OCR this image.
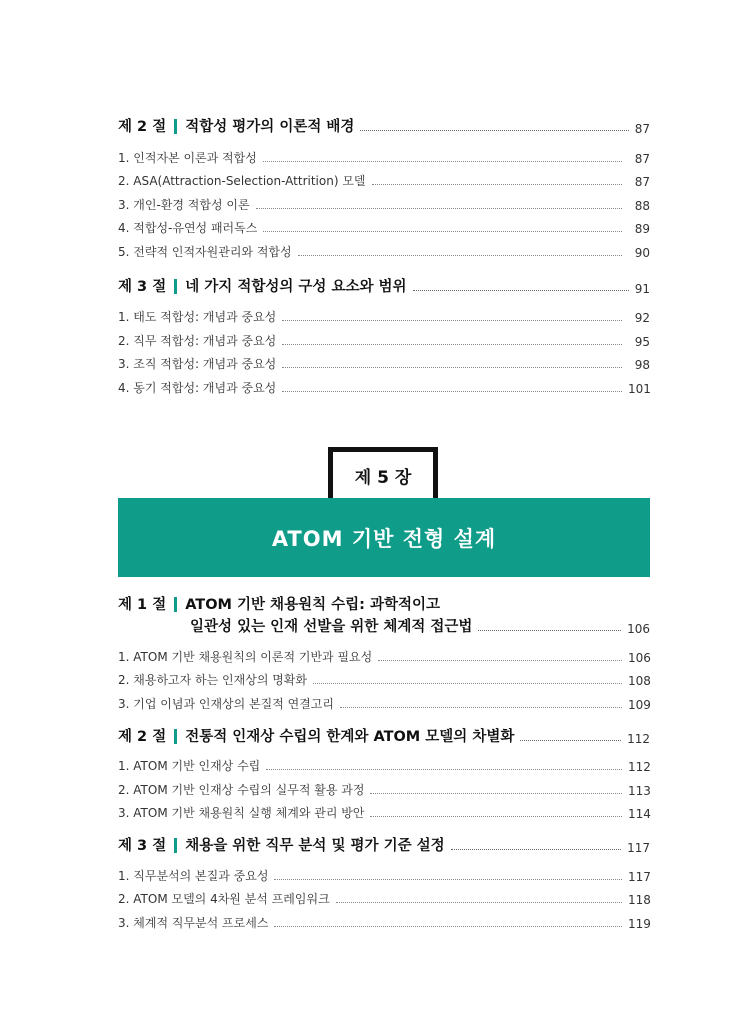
제 2 절 적합성 평가의 이론적 배경	87
1. 인적자본 이론과 적합성	87
2. ASA(Attraction-Selection-Attrition) 모델	87
3. 개인-환경 적합성 이론	88
4. 적합성-유연성 패러독스	89
5. 전략적 인적자원관리와 적합성	90
제 3 절 네 가지 적합성의 구성 요소와 범위	91
1. 태도 적합성: 개념과 중요성	92
2. 직무 적합성: 개념과 중요성	95
3. 조직 적합성: 개념과 중요성	98
4. 동기 적합성: 개념과 중요성	101
제 5 장
ATOM 기반 전형 설계
제 1 절 ATOM 기반 채용원칙 수립: 과학적이고
일관성 있는 인재 선발을 위한 체계적 접근법	106
1. ATOM 기반 채용원칙의 이론적 기반과 필요성	106
2. 채용하고자 하는 인재상의 명확화	108
3. 기업 이념과 인재상의 본질적 연결고리	109
제 2 절 전통적 인재상 수립의 한계와 ATOM 모델의 차별화	112
1. ATOM 기반 인재상 수립	112
2. ATOM 기반 인재상 수립의 실무적 활용 과정	113
3. ATOM 기반 채용원칙 실행 체계와 관리 방안	114
제 3 절 채용을 위한 직무 분석 및 평가 기준 설정	117
1. 직무분석의 본질과 중요성	117
2. ATOM 모델의 4차원 분석 프레임워크	118
3. 체계적 직무분석 프로세스	119
